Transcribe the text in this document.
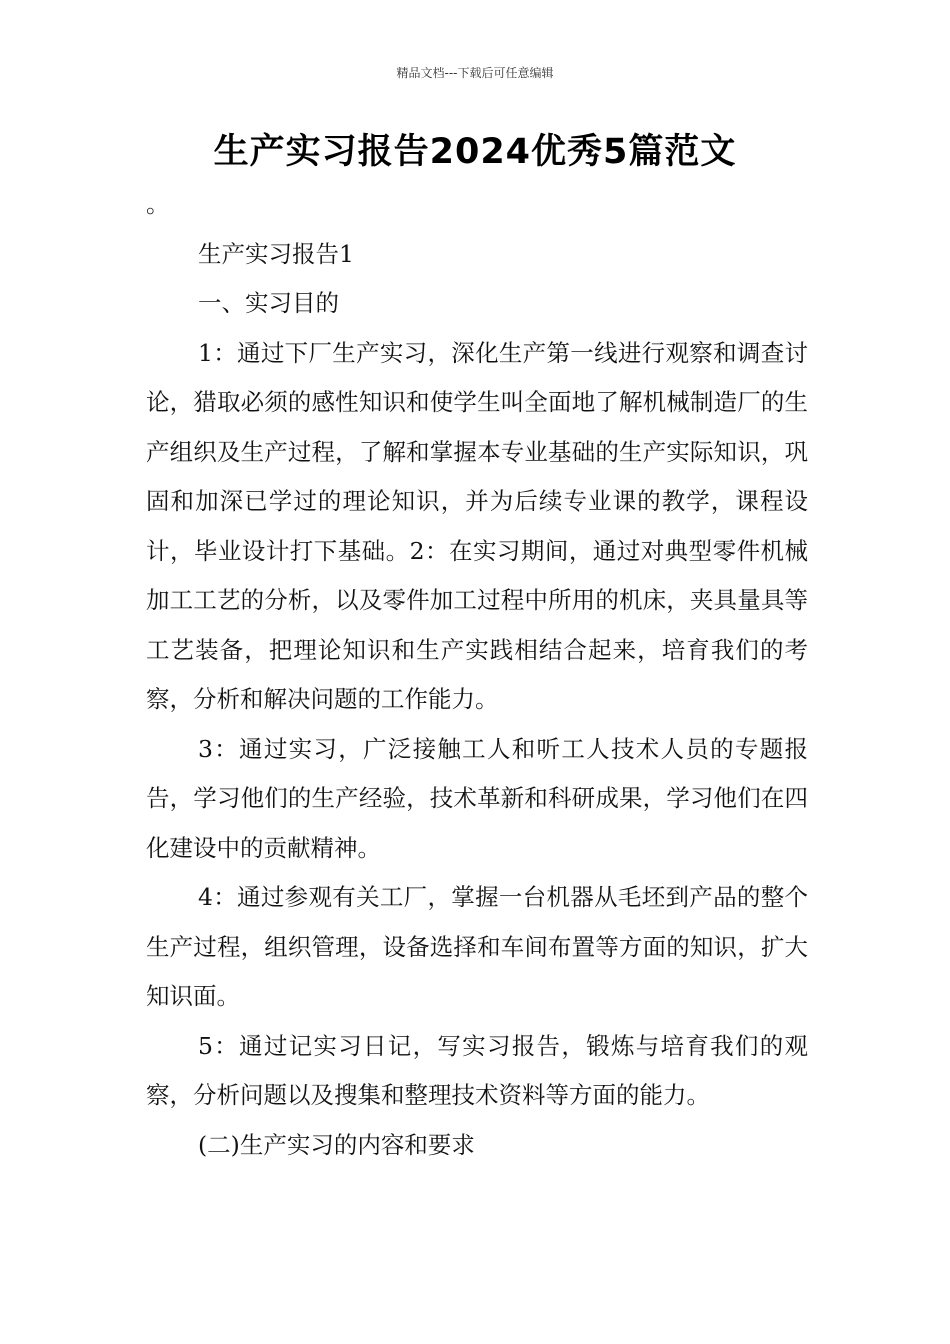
精品文档---下载后可任意编辑
生产实习报告2024优秀5篇范文

。

生产实习报告1

一、实习目的

1：通过下厂生产实习，深化生产第一线进行观察和调查讨论，猎取必须的感性知识和使学生叫全面地了解机械制造厂的生产组织及生产过程，了解和掌握本专业基础的生产实际知识，巩固和加深已学过的理论知识，并为后续专业课的教学，课程设计，毕业设计打下基础。2：在实习期间，通过对典型零件机械加工工艺的分析，以及零件加工过程中所用的机床，夹具量具等工艺装备，把理论知识和生产实践相结合起来，培育我们的考察，分析和解决问题的工作能力。

3：通过实习，广泛接触工人和听工人技术人员的专题报告，学习他们的生产经验，技术革新和科研成果，学习他们在四化建设中的贡献精神。

4：通过参观有关工厂，掌握一台机器从毛坯到产品的整个生产过程，组织管理，设备选择和车间布置等方面的知识，扩大知识面。

5：通过记实习日记，写实习报告，锻炼与培育我们的观察，分析问题以及搜集和整理技术资料等方面的能力。

(二)生产实习的内容和要求
